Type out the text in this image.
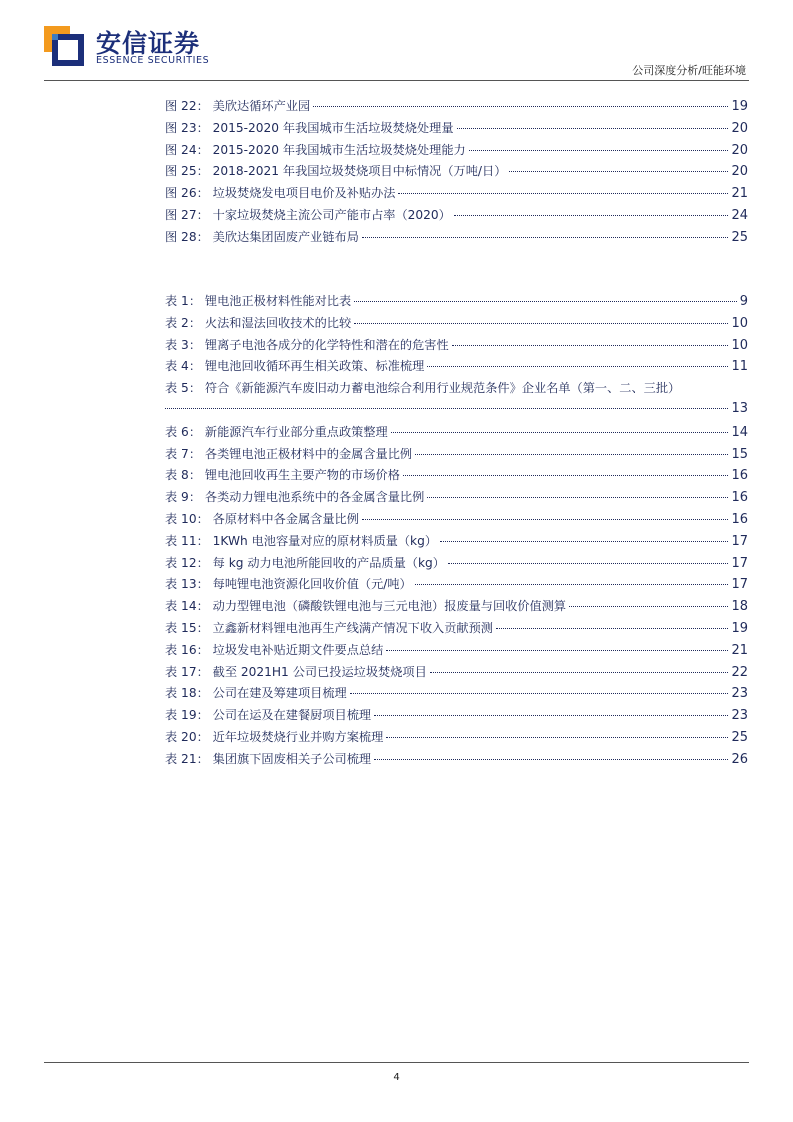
安信证券
ESSENCE SECURITIES
公司深度分析/旺能环境
图 22： 美欣达循环产业园	19
图 23： 2015-2020 年我国城市生活垃圾焚烧处理量	20
图 24： 2015-2020 年我国城市生活垃圾焚烧处理能力	20
图 25： 2018-2021 年我国垃圾焚烧项目中标情况（万吨/日）	20
图 26： 垃圾焚烧发电项目电价及补贴办法	21
图 27： 十家垃圾焚烧主流公司产能市占率（2020）	24
图 28： 美欣达集团固废产业链布局	25
表 1： 锂电池正极材料性能对比表	9
表 2： 火法和湿法回收技术的比较	10
表 3： 锂离子电池各成分的化学特性和潜在的危害性	10
表 4： 锂电池回收循环再生相关政策、标准梳理	11
表 5： 符合《新能源汽车废旧动力蓄电池综合利用行业规范条件》企业名单（第一、二、三批）
13
表 6： 新能源汽车行业部分重点政策整理	14
表 7： 各类锂电池正极材料中的金属含量比例	15
表 8： 锂电池回收再生主要产物的市场价格	16
表 9： 各类动力锂电池系统中的各金属含量比例	16
表 10： 各原材料中各金属含量比例	16
表 11： 1KWh 电池容量对应的原材料质量（kg）	17
表 12： 每 kg 动力电池所能回收的产品质量（kg）	17
表 13： 每吨锂电池资源化回收价值（元/吨）	17
表 14： 动力型锂电池（磷酸铁锂电池与三元电池）报废量与回收价值测算	18
表 15： 立鑫新材料锂电池再生产线满产情况下收入贡献预测	19
表 16： 垃圾发电补贴近期文件要点总结	21
表 17： 截至 2021H1 公司已投运垃圾焚烧项目	22
表 18： 公司在建及筹建项目梳理	23
表 19： 公司在运及在建餐厨项目梳理	23
表 20： 近年垃圾焚烧行业并购方案梳理	25
表 21： 集团旗下固废相关子公司梳理	26
4
